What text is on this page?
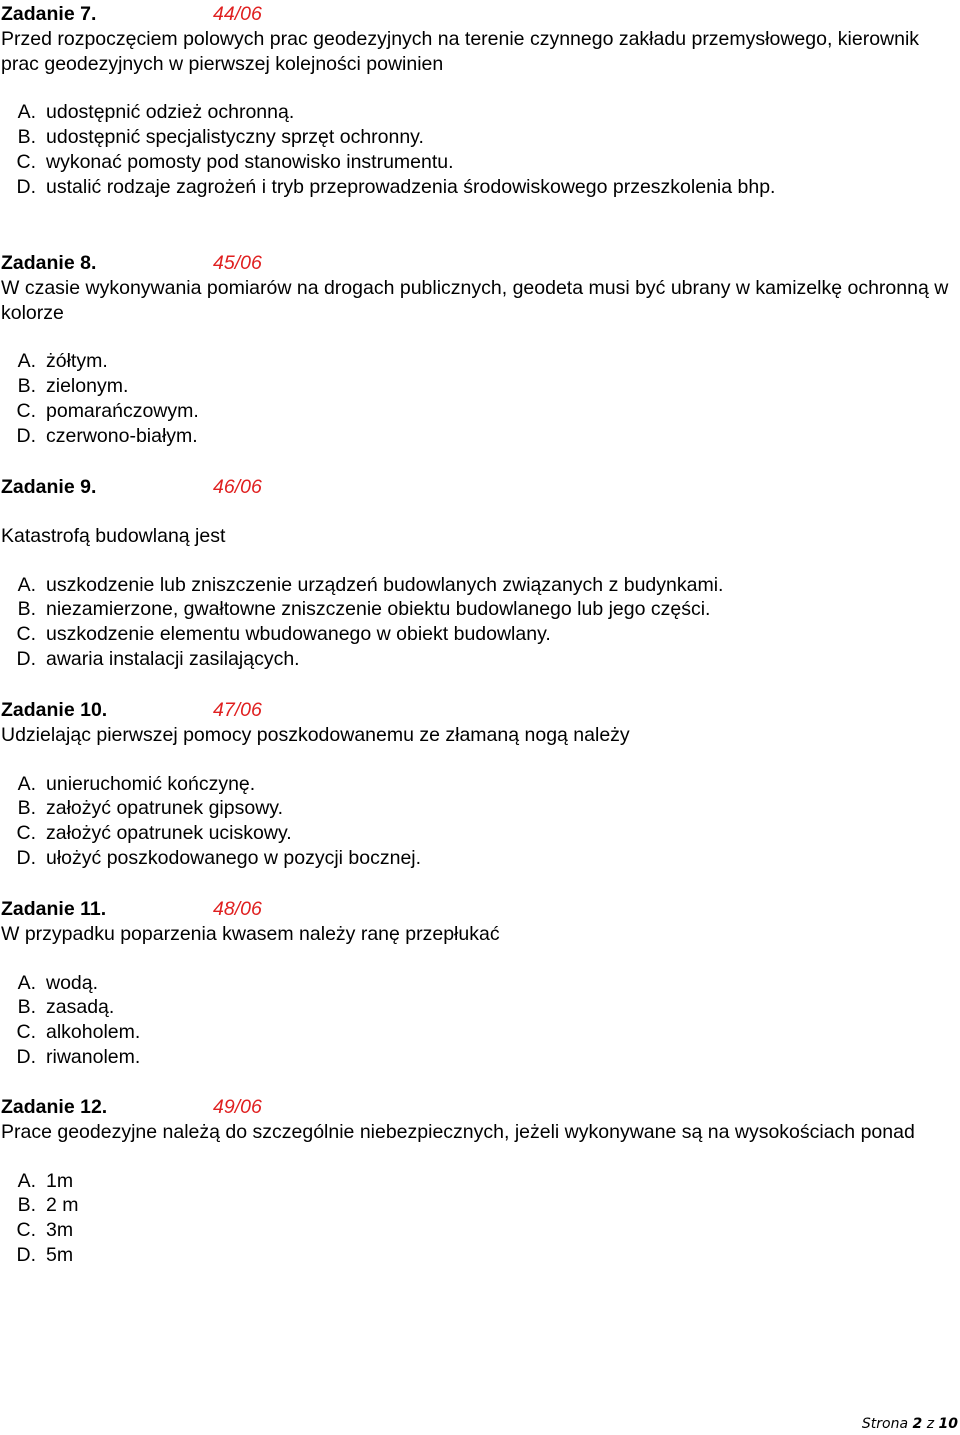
Zadanie 7.	44/06
Przed rozpoczęciem polowych prac geodezyjnych na terenie czynnego zakładu przemysłowego, kierownik prac geodezyjnych w pierwszej kolejności powinien
A. udostępnić odzież ochronną.
B. udostępnić specjalistyczny sprzęt ochronny.
C. wykonać pomosty pod stanowisko instrumentu.
D. ustalić rodzaje zagrożeń i tryb przeprowadzenia środowiskowego przeszkolenia bhp.
Zadanie 8.	45/06
W czasie wykonywania pomiarów na drogach publicznych, geodeta musi być ubrany w kamizelkę ochronną w kolorze
A. żółtym.
B. zielonym.
C. pomarańczowym.
D. czerwono-białym.
Zadanie 9.	46/06
Katastrofą budowlaną jest
A. uszkodzenie lub zniszczenie urządzeń budowlanych związanych z budynkami.
B. niezamierzone, gwałtowne zniszczenie obiektu budowlanego lub jego części.
C. uszkodzenie elementu wbudowanego w obiekt budowlany.
D. awaria instalacji zasilających.
Zadanie 10.	47/06
Udzielając pierwszej pomocy poszkodowanemu ze złamaną nogą należy
A. unieruchomić kończynę.
B. założyć opatrunek gipsowy.
C. założyć opatrunek uciskowy.
D. ułożyć poszkodowanego w pozycji bocznej.
Zadanie 11.	48/06
W przypadku poparzenia kwasem należy ranę przepłukać
A. wodą.
B. zasadą.
C. alkoholem.
D. riwanolem.
Zadanie 12.	49/06
Prace geodezyjne należą do szczególnie niebezpiecznych, jeżeli wykonywane są na wysokościach ponad
A. 1m
B. 2 m
C. 3m
D. 5m
Strona 2 z 10
